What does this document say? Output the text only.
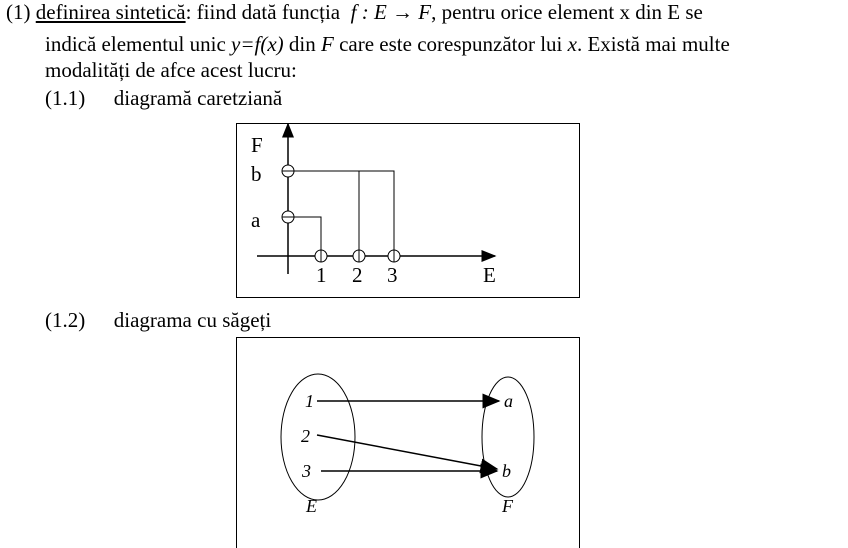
(1) definirea sintetică: fiind dată funcția f : E → F, pentru orice element x din E se
indică elementul unic y=f(x) din F care este corespunzător lui x. Există mai multe
modalități de afce acest lucru:
(1.1) diagramă caretziană
(1.2) diagrama cu săgeți
F
b
a
1 2 3	E
1
2
3
a
b
E	F
